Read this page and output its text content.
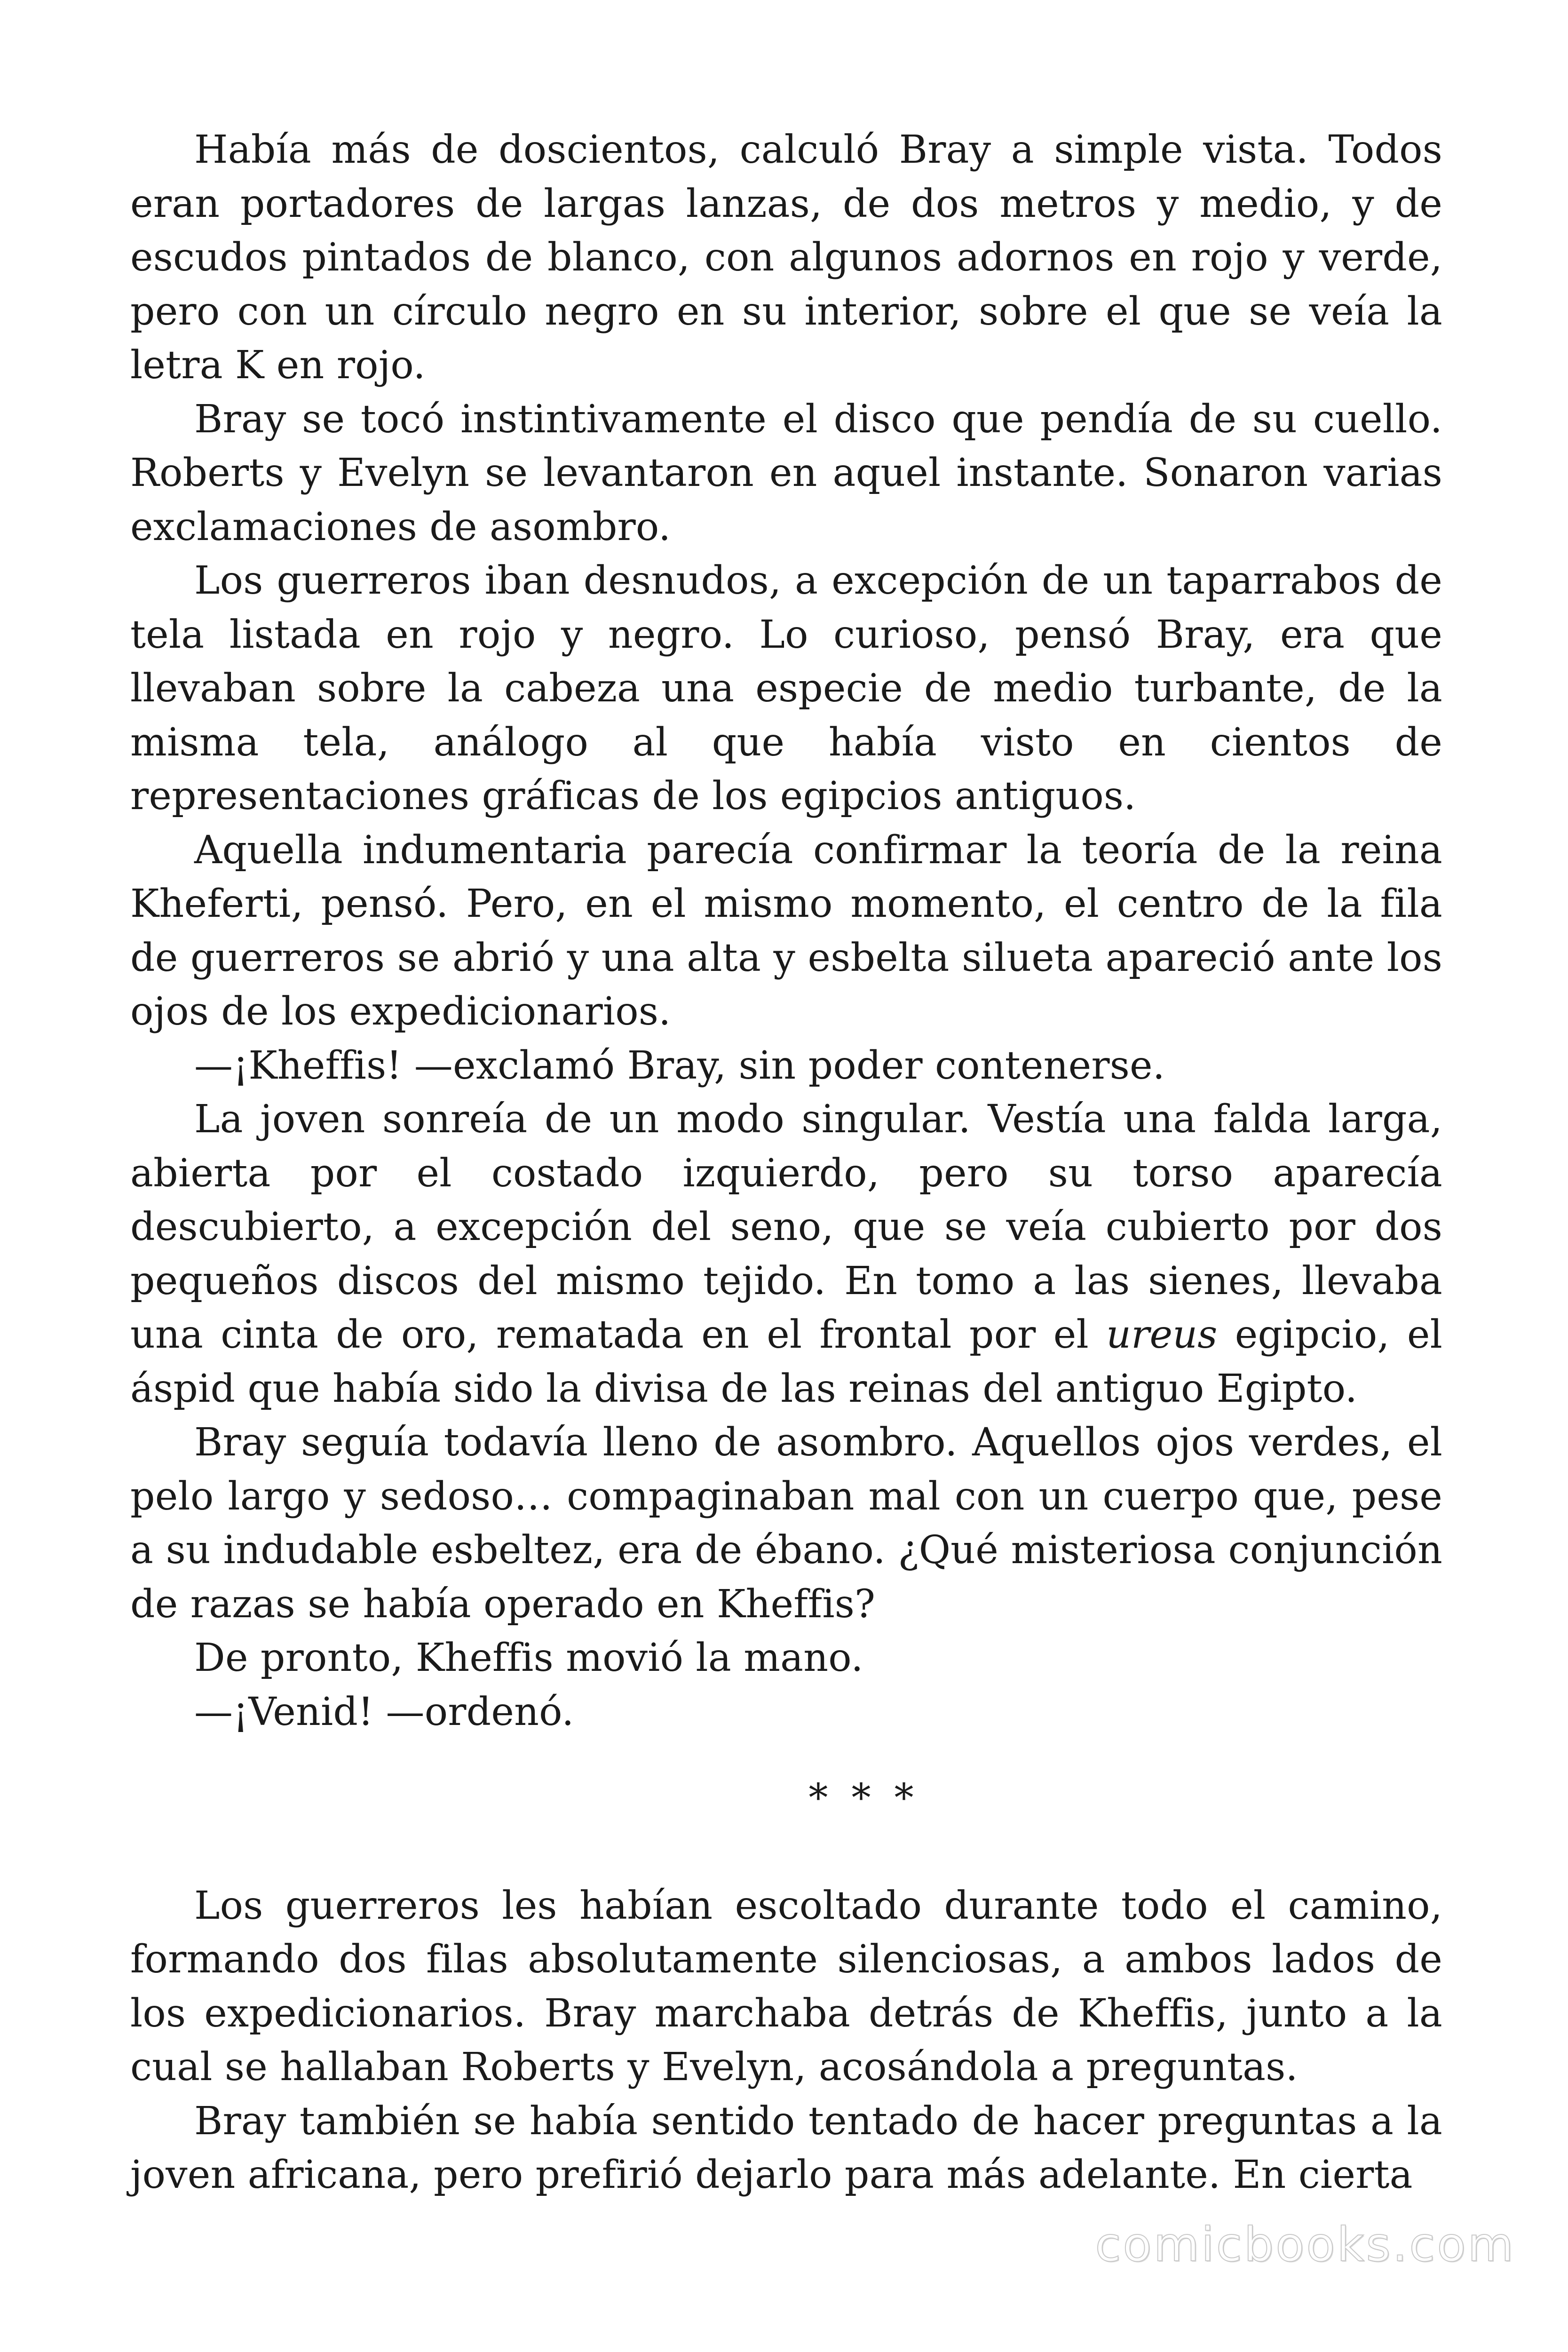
Había más de doscientos, calculó Bray a simple vista. Todos eran portadores de largas lanzas, de dos metros y medio, y de escudos pintados de blanco, con algunos adornos en rojo y verde, pero con un círculo negro en su interior, sobre el que se veía la letra K en rojo.

Bray se tocó instintivamente el disco que pendía de su cuello. Roberts y Evelyn se levantaron en aquel instante. Sonaron varias exclamaciones de asombro.

Los guerreros iban desnudos, a excepción de un taparrabos de tela listada en rojo y negro. Lo curioso, pensó Bray, era que llevaban sobre la cabeza una especie de medio turbante, de la misma tela, análogo al que había visto en cientos de representaciones gráficas de los egipcios antiguos.

Aquella indumentaria parecía confirmar la teoría de la reina Kheferti, pensó. Pero, en el mismo momento, el centro de la fila de guerreros se abrió y una alta y esbelta silueta apareció ante los ojos de los expedicionarios.

—¡Kheffis! —exclamó Bray, sin poder contenerse.

La joven sonreía de un modo singular. Vestía una falda larga, abierta por el costado izquierdo, pero su torso aparecía descubierto, a excepción del seno, que se veía cubierto por dos pequeños discos del mismo tejido. En tomo a las sienes, llevaba una cinta de oro, rematada en el frontal por el ureus egipcio, el áspid que había sido la divisa de las reinas del antiguo Egipto.

Bray seguía todavía lleno de asombro. Aquellos ojos verdes, el pelo largo y sedoso… compaginaban mal con un cuerpo que, pese a su indudable esbeltez, era de ébano. ¿Qué misteriosa conjunción de razas se había operado en Kheffis?

De pronto, Kheffis movió la mano.

—¡Venid! —ordenó.

* * *

Los guerreros les habían escoltado durante todo el camino, formando dos filas absolutamente silenciosas, a ambos lados de los expedicionarios. Bray marchaba detrás de Kheffis, junto a la cual se hallaban Roberts y Evelyn, acosándola a preguntas.

Bray también se había sentido tentado de hacer preguntas a la joven africana, pero prefirió dejarlo para más adelante. En cierta

comicbooks.com
